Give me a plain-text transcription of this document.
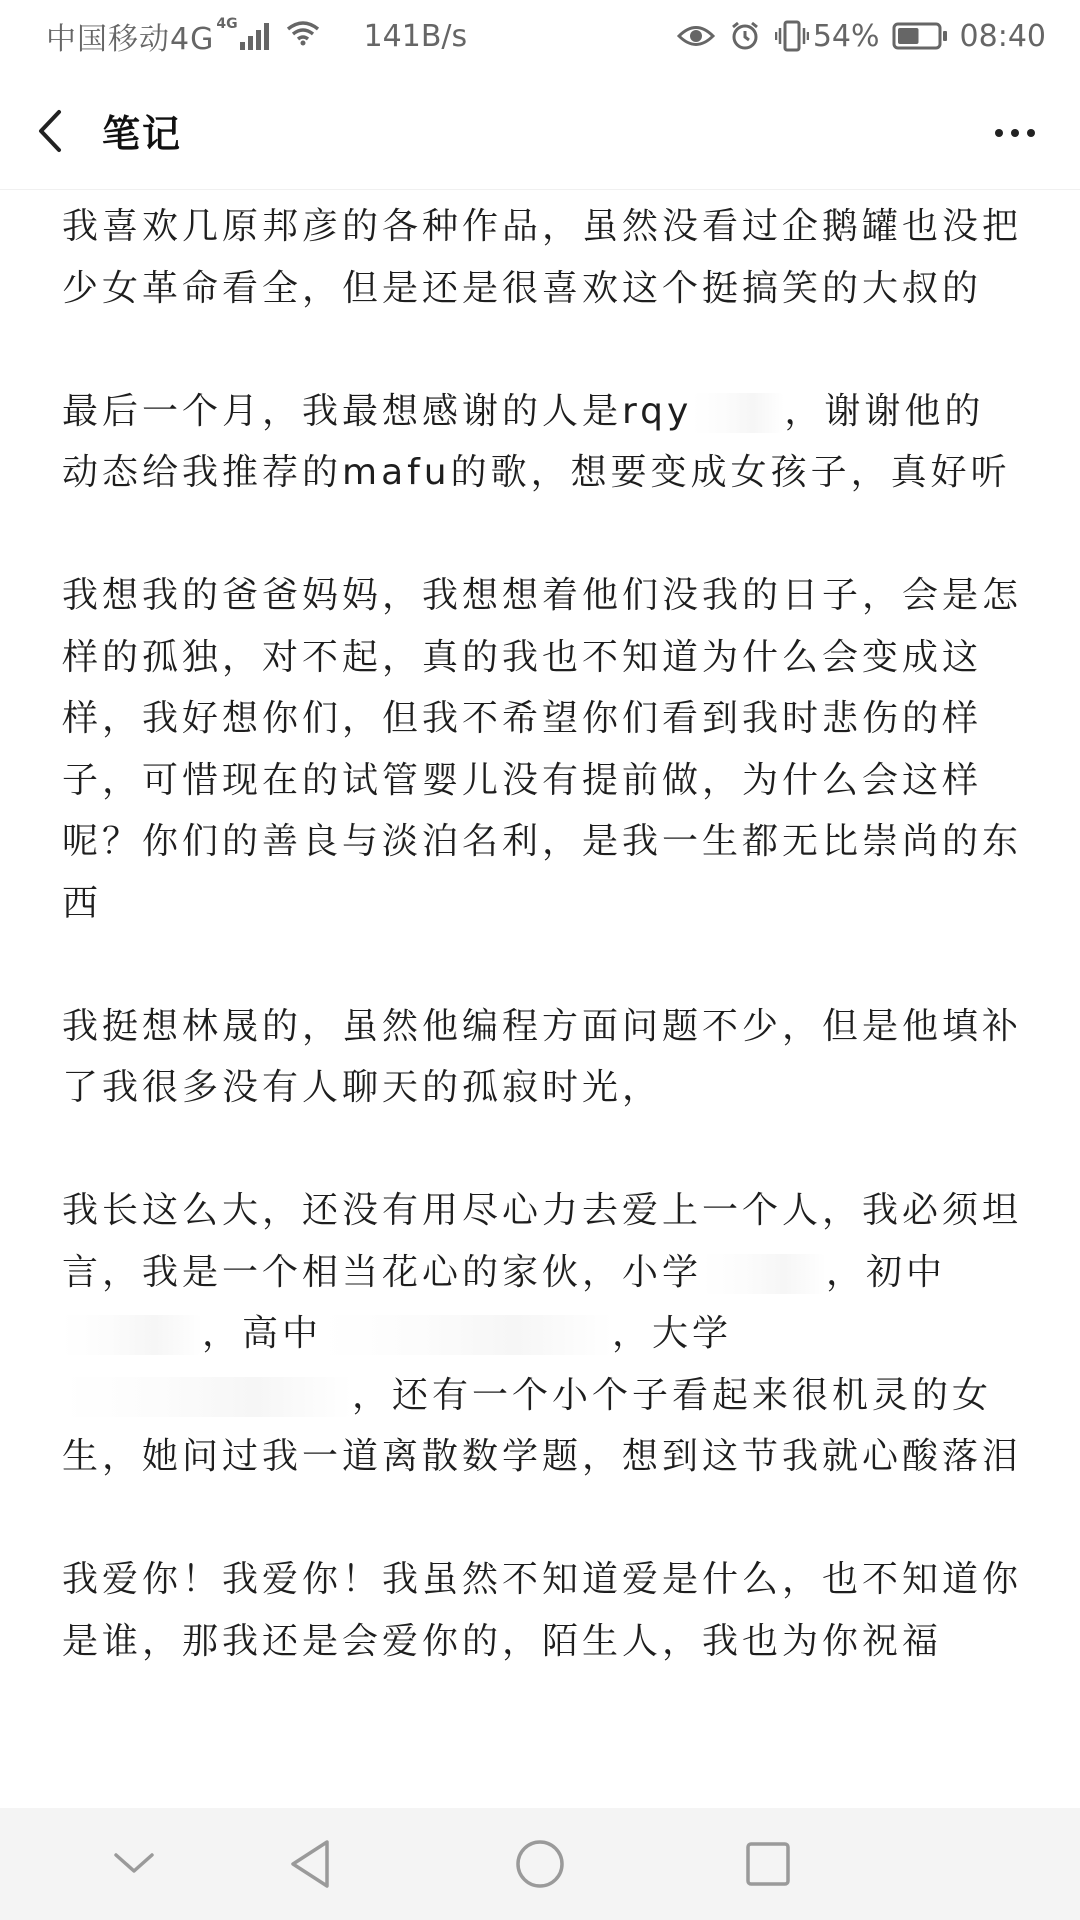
中国移动4G 4G	141B/s	54%	08:40
笔记

我喜欢几原邦彦的各种作品，虽然没看过企鹅罐也没把少女革命看全，但是还是很喜欢这个挺搞笑的大叔的

最后一个月，我最想感谢的人是rqy	，谢谢他的动态给我推荐的mafu的歌，想要变成女孩子，真好听

我想我的爸爸妈妈，我想想着他们没我的日子，会是怎样的孤独，对不起，真的我也不知道为什么会变成这样，我好想你们，但我不希望你们看到我时悲伤的样子，可惜现在的试管婴儿没有提前做，为什么会这样呢？你们的善良与淡泊名利，是我一生都无比崇尚的东西

我挺想林晟的，虽然他编程方面问题不少，但是他填补了我很多没有人聊天的孤寂时光，

我长这么大，还没有用尽心力去爱上一个人，我必须坦言，我是一个相当花心的家伙，小学	，初中，高中	，大学，还有一个小个子看起来很机灵的女生，她问过我一道离散数学题，想到这节我就心酸落泪

我爱你！我爱你！我虽然不知道爱是什么，也不知道你是谁，那我还是会爱你的，陌生人，我也为你祝福
